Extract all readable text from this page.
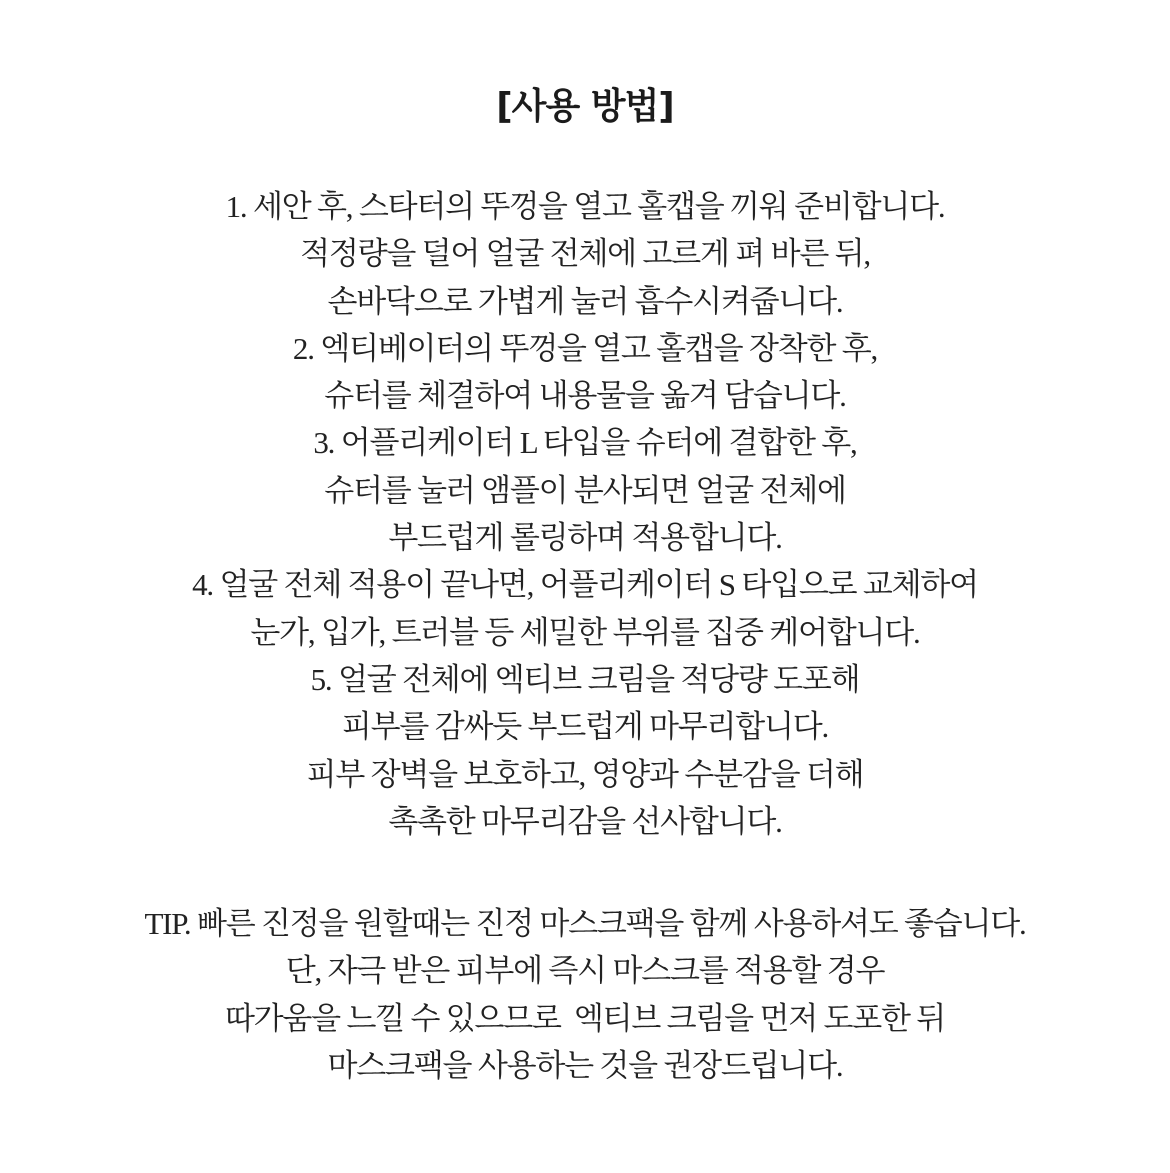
[사용 방법]
1. 세안 후, 스타터의 뚜껑을 열고 홀캡을 끼워 준비합니다.
적정량을 덜어 얼굴 전체에 고르게 펴 바른 뒤,
손바닥으로 가볍게 눌러 흡수시켜줍니다.
2. 엑티베이터의 뚜껑을 열고 홀캡을 장착한 후,
슈터를 체결하여 내용물을 옮겨 담습니다.
3. 어플리케이터 L 타입을 슈터에 결합한 후,
슈터를 눌러 앰플이 분사되면 얼굴 전체에
부드럽게 롤링하며 적용합니다.
4. 얼굴 전체 적용이 끝나면, 어플리케이터 S 타입으로 교체하여
눈가, 입가, 트러블 등 세밀한 부위를 집중 케어합니다.
5. 얼굴 전체에 엑티브 크림을 적당량 도포해
피부를 감싸듯 부드럽게 마무리합니다.
피부 장벽을 보호하고, 영양과 수분감을 더해
촉촉한 마무리감을 선사합니다.
TIP. 빠른 진정을 원할때는 진정 마스크팩을 함께 사용하셔도 좋습니다.
단, 자극 받은 피부에 즉시 마스크를 적용할 경우
따가움을 느낄 수 있으므로  엑티브 크림을 먼저 도포한 뒤
마스크팩을 사용하는 것을 권장드립니다.
